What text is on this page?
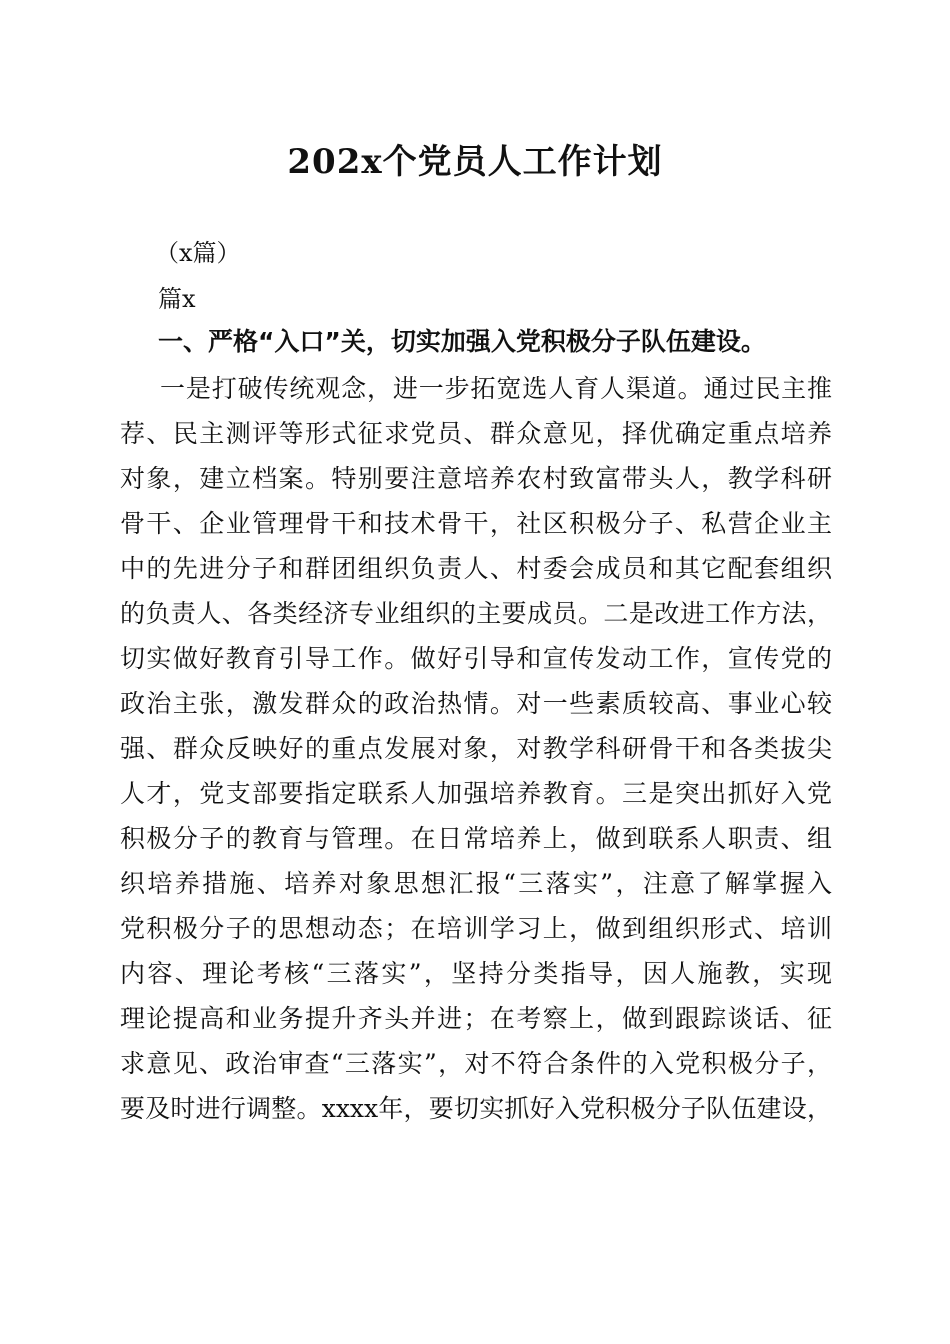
202x个党员人工作计划
（x篇）
篇x
一、严格“入口”关，切实加强入党积极分子队伍建设。
一是打破传统观念，进一步拓宽选人育人渠道。通过民主推
荐、民主测评等形式征求党员、群众意见，择优确定重点培养
对象，建立档案。特别要注意培养农村致富带头人，教学科研
骨干、企业管理骨干和技术骨干，社区积极分子、私营企业主
中的先进分子和群团组织负责人、村委会成员和其它配套组织
的负责人、各类经济专业组织的主要成员。二是改进工作方法，
切实做好教育引导工作。做好引导和宣传发动工作，宣传党的
政治主张，激发群众的政治热情。对一些素质较高、事业心较
强、群众反映好的重点发展对象，对教学科研骨干和各类拔尖
人才，党支部要指定联系人加强培养教育。三是突出抓好入党
积极分子的教育与管理。在日常培养上，做到联系人职责、组
织培养措施、培养对象思想汇报“三落实”，注意了解掌握入
党积极分子的思想动态；在培训学习上，做到组织形式、培训
内容、理论考核“三落实”，坚持分类指导，因人施教，实现
理论提高和业务提升齐头并进；在考察上，做到跟踪谈话、征
求意见、政治审查“三落实”，对不符合条件的入党积极分子，
要及时进行调整。xxxx年，要切实抓好入党积极分子队伍建设，
